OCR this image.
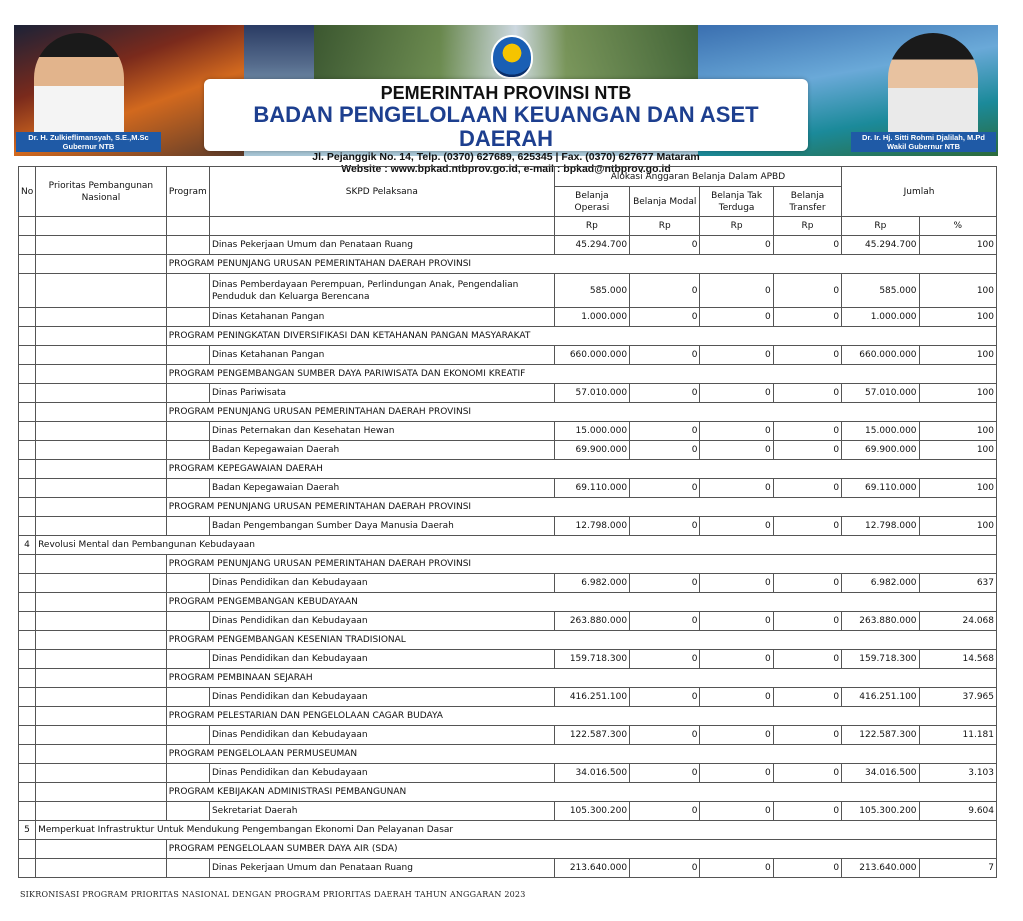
Dr. H. Zulkieflimansyah, S.E.,M.Sc
Gubernur NTB
Dr. Ir. Hj. Sitti Rohmi Djalilah, M.Pd
Wakil Gubernur NTB
PEMERINTAH PROVINSI NTB
BADAN PENGELOLAAN KEUANGAN DAN ASET DAERAH
Jl. Pejanggik No. 14, Telp. (0370) 627689, 625345 | Fax. (0370) 627677 Mataram
Website : www.bpkad.ntbprov.go.id, e-mail : bpkad@ntbprov.go.id
No	Prioritas Pembangunan Nasional	Program	SKPD Pelaksana	Alokasi Anggaran Belanja Dalam APBD				Jumlah	
				Belanja Operasi	Belanja Modal	Belanja Tak Terduga	Belanja Transfer		
				Rp	Rp	Rp	Rp	Rp	%
			Dinas Pekerjaan Umum dan Penataan Ruang	45.294.700	0	0	0	45.294.700	100
		PROGRAM PENUNJANG URUSAN PEMERINTAHAN DAERAH PROVINSI							
			Dinas Pemberdayaan Perempuan, Perlindungan Anak, Pengendalian Penduduk dan Keluarga Berencana	585.000	0	0	0	585.000	100
			Dinas Ketahanan Pangan	1.000.000	0	0	0	1.000.000	100
		PROGRAM PENINGKATAN DIVERSIFIKASI DAN KETAHANAN PANGAN MASYARAKAT							
			Dinas Ketahanan Pangan	660.000.000	0	0	0	660.000.000	100
		PROGRAM PENGEMBANGAN SUMBER DAYA PARIWISATA DAN EKONOMI KREATIF							
			Dinas Pariwisata	57.010.000	0	0	0	57.010.000	100
		PROGRAM PENUNJANG URUSAN PEMERINTAHAN DAERAH PROVINSI							
			Dinas Peternakan dan Kesehatan Hewan	15.000.000	0	0	0	15.000.000	100
			Badan Kepegawaian Daerah	69.900.000	0	0	0	69.900.000	100
		PROGRAM KEPEGAWAIAN DAERAH							
			Badan Kepegawaian Daerah	69.110.000	0	0	0	69.110.000	100
		PROGRAM PENUNJANG URUSAN PEMERINTAHAN DAERAH PROVINSI							
			Badan Pengembangan Sumber Daya Manusia Daerah	12.798.000	0	0	0	12.798.000	100
4	Revolusi Mental dan Pembangunan Kebudayaan								
		PROGRAM PENUNJANG URUSAN PEMERINTAHAN DAERAH PROVINSI							
			Dinas Pendidikan dan Kebudayaan	6.982.000	0	0	0	6.982.000	637
		PROGRAM PENGEMBANGAN KEBUDAYAAN							
			Dinas Pendidikan dan Kebudayaan	263.880.000	0	0	0	263.880.000	24.068
		PROGRAM PENGEMBANGAN KESENIAN TRADISIONAL							
			Dinas Pendidikan dan Kebudayaan	159.718.300	0	0	0	159.718.300	14.568
		PROGRAM PEMBINAAN SEJARAH							
			Dinas Pendidikan dan Kebudayaan	416.251.100	0	0	0	416.251.100	37.965
		PROGRAM PELESTARIAN DAN PENGELOLAAN CAGAR BUDAYA							
			Dinas Pendidikan dan Kebudayaan	122.587.300	0	0	0	122.587.300	11.181
		PROGRAM PENGELOLAAN PERMUSEUMAN							
			Dinas Pendidikan dan Kebudayaan	34.016.500	0	0	0	34.016.500	3.103
		PROGRAM KEBIJAKAN ADMINISTRASI PEMBANGUNAN							
			Sekretariat Daerah	105.300.200	0	0	0	105.300.200	9.604
5	Memperkuat Infrastruktur Untuk Mendukung Pengembangan Ekonomi Dan Pelayanan Dasar								
		PROGRAM PENGELOLAAN SUMBER DAYA AIR (SDA)							
			Dinas Pekerjaan Umum dan Penataan Ruang	213.640.000	0	0	0	213.640.000	7
SIKRONISASI PROGRAM PRIORITAS NASIONAL DENGAN PROGRAM PRIORITAS DAERAH TAHUN ANGGARAN 2023
